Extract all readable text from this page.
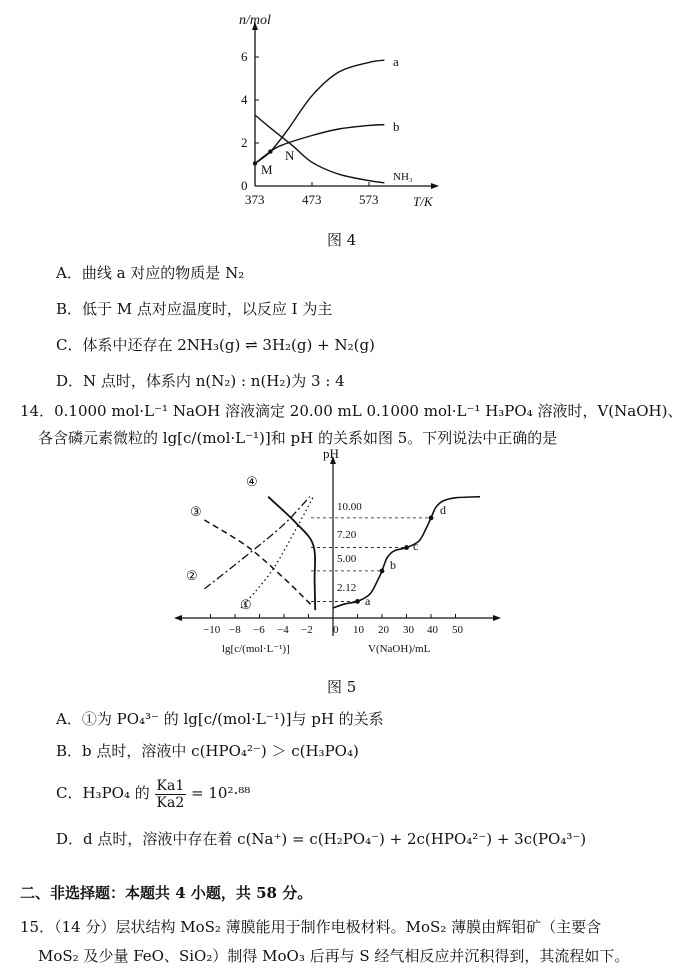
n/mol
T/K
0
2
4
6
373	473	573
a
b
NH₃
M
N
图 4
A．曲线 a 对应的物质是 N₂
B．低于 M 点对应温度时，以反应 I 为主
C．体系中还存在 2NH₃(g) ⇌ 3H₂(g) + N₂(g)
D．N 点时，体系内 n(N₂) : n(H₂)为 3 : 4
14．0.1000 mol·L⁻¹ NaOH 溶液滴定 20.00 mL 0.1000 mol·L⁻¹ H₃PO₄ 溶液时，V(NaOH)、
各含磷元素微粒的 lg[c/(mol·L⁻¹)]和 pH 的关系如图 5。下列说法中正确的是
pH
−10 −8 −6 −4 −2 0 10 20 30 40 50
lg[c/(mol·L⁻¹)]	V(NaOH)/mL
10.00
7.20
5.00
2.12
①
②
③
④
a
b
c
d
图 5
A．①为 PO₄³⁻ 的 lg[c/(mol·L⁻¹)]与 pH 的关系
B．b 点时，溶液中 c(HPO₄²⁻) ＞ c(H₃PO₄)
C．H₃PO₄ 的 $\frac{Ka1}{Ka2} = 10^2\cdot^{88}$
D．d 点时，溶液中存在着 c(Na⁺) = c(H₂PO₄⁻) + 2c(HPO₄²⁻) + 3c(PO₄³⁻)
二、非选择题：本题共 4 小题，共 58 分。
15．（14 分）层状结构 MoS₂ 薄膜能用于制作电极材料。MoS₂ 薄膜由辉钼矿（主要含
MoS₂ 及少量 FeO、SiO₂）制得 MoO₃ 后再与 S 经气相反应并沉积得到，其流程如下。
